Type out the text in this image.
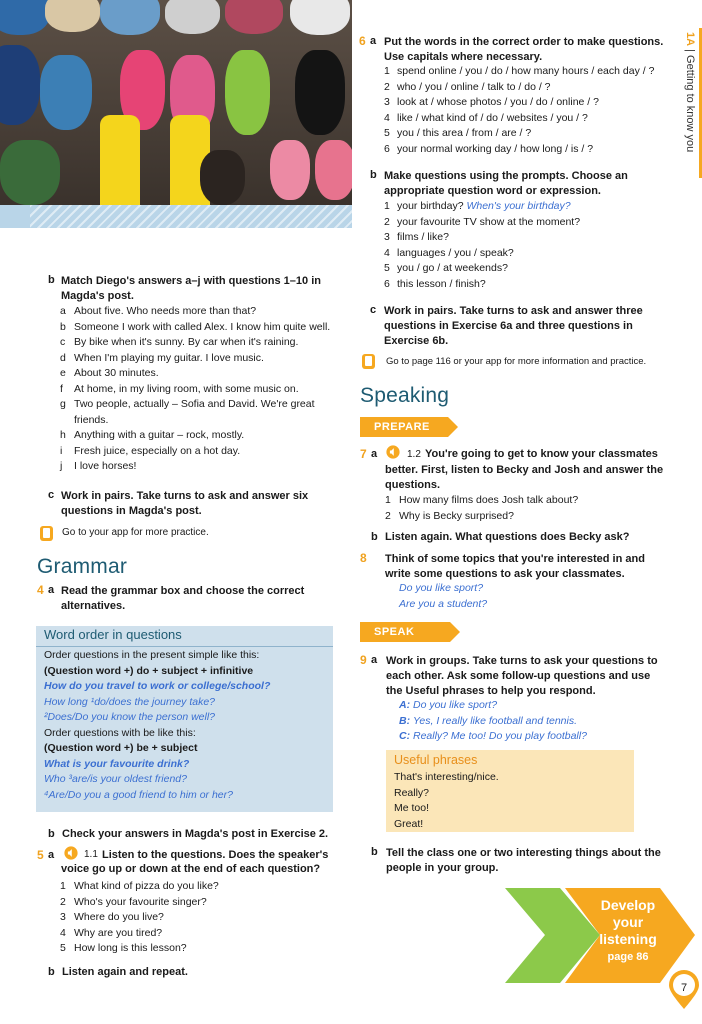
1A | Getting to know you
b Match Diego's answers a–j with questions 1–10 in Magda's post.
a About five. Who needs more than that?
b Someone I work with called Alex. I know him quite well.
c By bike when it's sunny. By car when it's raining.
d When I'm playing my guitar. I love music.
e About 30 minutes.
f At home, in my living room, with some music on.
g Two people, actually – Sofia and David. We're great
friends.
h Anything with a guitar – rock, mostly.
i Fresh juice, especially on a hot day.
j I love horses!
c Work in pairs. Take turns to ask and answer six
questions in Magda's post.
Go to your app for more practice.
Grammar
4 a Read the grammar box and choose the correct
alternatives.
Word order in questions
Order questions in the present simple like this:
(Question word +) do + subject + infinitive
How do you travel to work or college/school?
How long ¹do/does the journey take?
²Does/Do you know the person well?
Order questions with be like this:
(Question word +) be + subject
What is your favourite drink?
Who ³are/is your oldest friend?
⁴Are/Do you a good friend to him or her?
b Check your answers in Magda's post in Exercise 2.
5 a	1.1 Listen to the questions. Does the speaker's
voice go up or down at the end of each question?
1 What kind of pizza do you like?
2 Who's your favourite singer?
3 Where do you live?
4 Why are you tired?
5 How long is this lesson?
b Listen again and repeat.
6 a Put the words in the correct order to make questions.
Use capitals where necessary.
1 spend online / you / do / how many hours / each day / ?
2 who / you / online / talk to / do / ?
3 look at / whose photos / you / do / online / ?
4 like / what kind of / do / websites / you / ?
5 you / this area / from / are / ?
6 your normal working day / how long / is / ?
b Make questions using the prompts. Choose an
appropriate question word or expression.
1 your birthday? When's your birthday?
2 your favourite TV show at the moment?
3 films / like?
4 languages / you / speak?
5 you / go / at weekends?
6 this lesson / finish?
c Work in pairs. Take turns to ask and answer three
questions in Exercise 6a and three questions in
Exercise 6b.
Go to page 116 or your app for more information and practice.
Speaking
PREPARE
7 a	1.2 You're going to get to know your classmates
better. First, listen to Becky and Josh and answer the
questions.
1 How many films does Josh talk about?
2 Why is Becky surprised?
b Listen again. What questions does Becky ask?
8 Think of some topics that you're interested in and
write some questions to ask your classmates.
Do you like sport?
Are you a student?
SPEAK
9 a Work in groups. Take turns to ask your questions to
each other. Ask some follow-up questions and use
the Useful phrases to help you respond.
A: Do you like sport?
B: Yes, I really like football and tennis.
C: Really? Me too! Do you play football?
Useful phrases
That's interesting/nice.
Really?
Me too!
Great!
b Tell the class one or two interesting things about the
people in your group.
Develop
your
listening
page 86
7
